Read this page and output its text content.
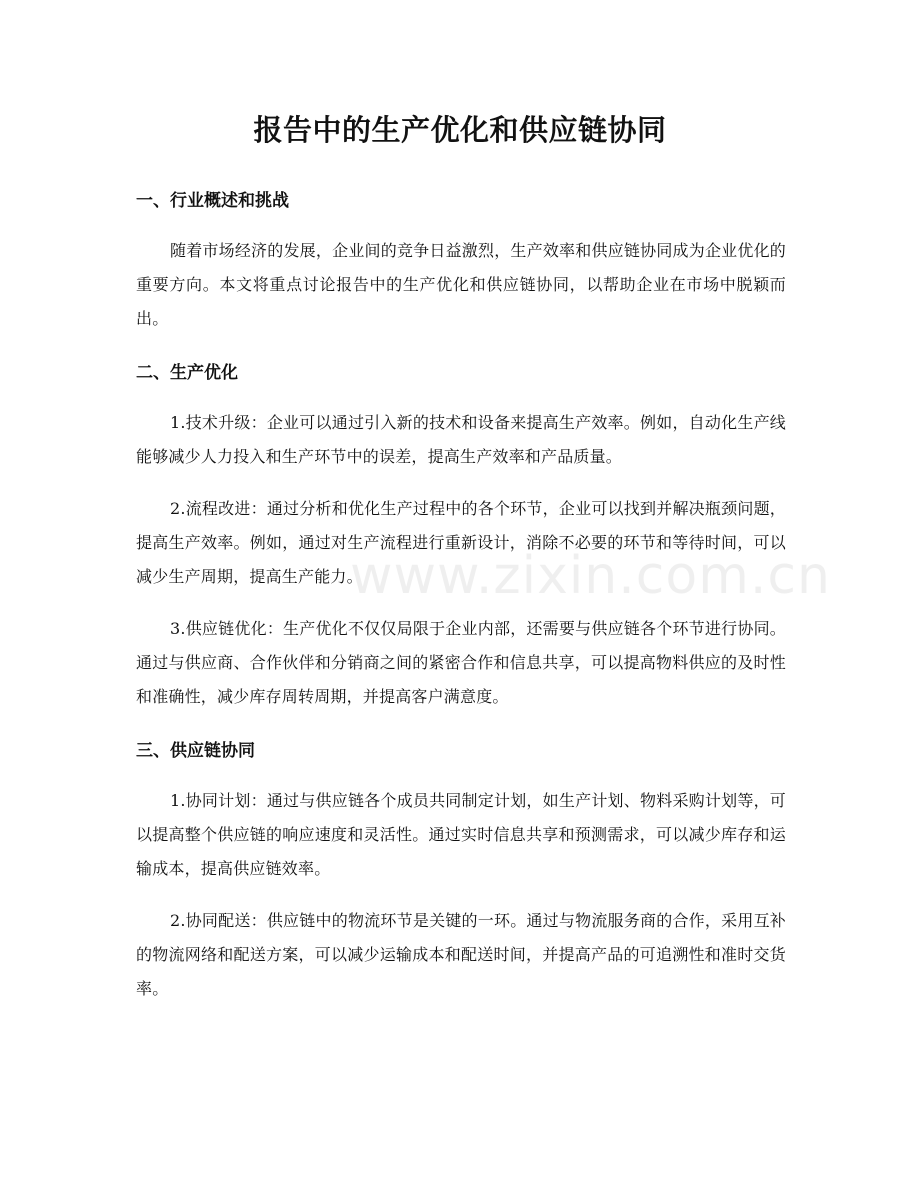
报告中的生产优化和供应链协同
www.zixin.com.cn
一、行业概述和挑战

随着市场经济的发展，企业间的竞争日益激烈，生产效率和供应链协同成为企业优化的重要方向。本文将重点讨论报告中的生产优化和供应链协同，以帮助企业在市场中脱颖而出。

二、生产优化

1.技术升级：企业可以通过引入新的技术和设备来提高生产效率。例如，自动化生产线能够减少人力投入和生产环节中的误差，提高生产效率和产品质量。

2.流程改进：通过分析和优化生产过程中的各个环节，企业可以找到并解决瓶颈问题，提高生产效率。例如，通过对生产流程进行重新设计，消除不必要的环节和等待时间，可以减少生产周期，提高生产能力。

3.供应链优化：生产优化不仅仅局限于企业内部，还需要与供应链各个环节进行协同。通过与供应商、合作伙伴和分销商之间的紧密合作和信息共享，可以提高物料供应的及时性和准确性，减少库存周转周期，并提高客户满意度。

三、供应链协同

1.协同计划：通过与供应链各个成员共同制定计划，如生产计划、物料采购计划等，可以提高整个供应链的响应速度和灵活性。通过实时信息共享和预测需求，可以减少库存和运输成本，提高供应链效率。

2.协同配送：供应链中的物流环节是关键的一环。通过与物流服务商的合作，采用互补的物流网络和配送方案，可以减少运输成本和配送时间，并提高产品的可追溯性和准时交货率。
